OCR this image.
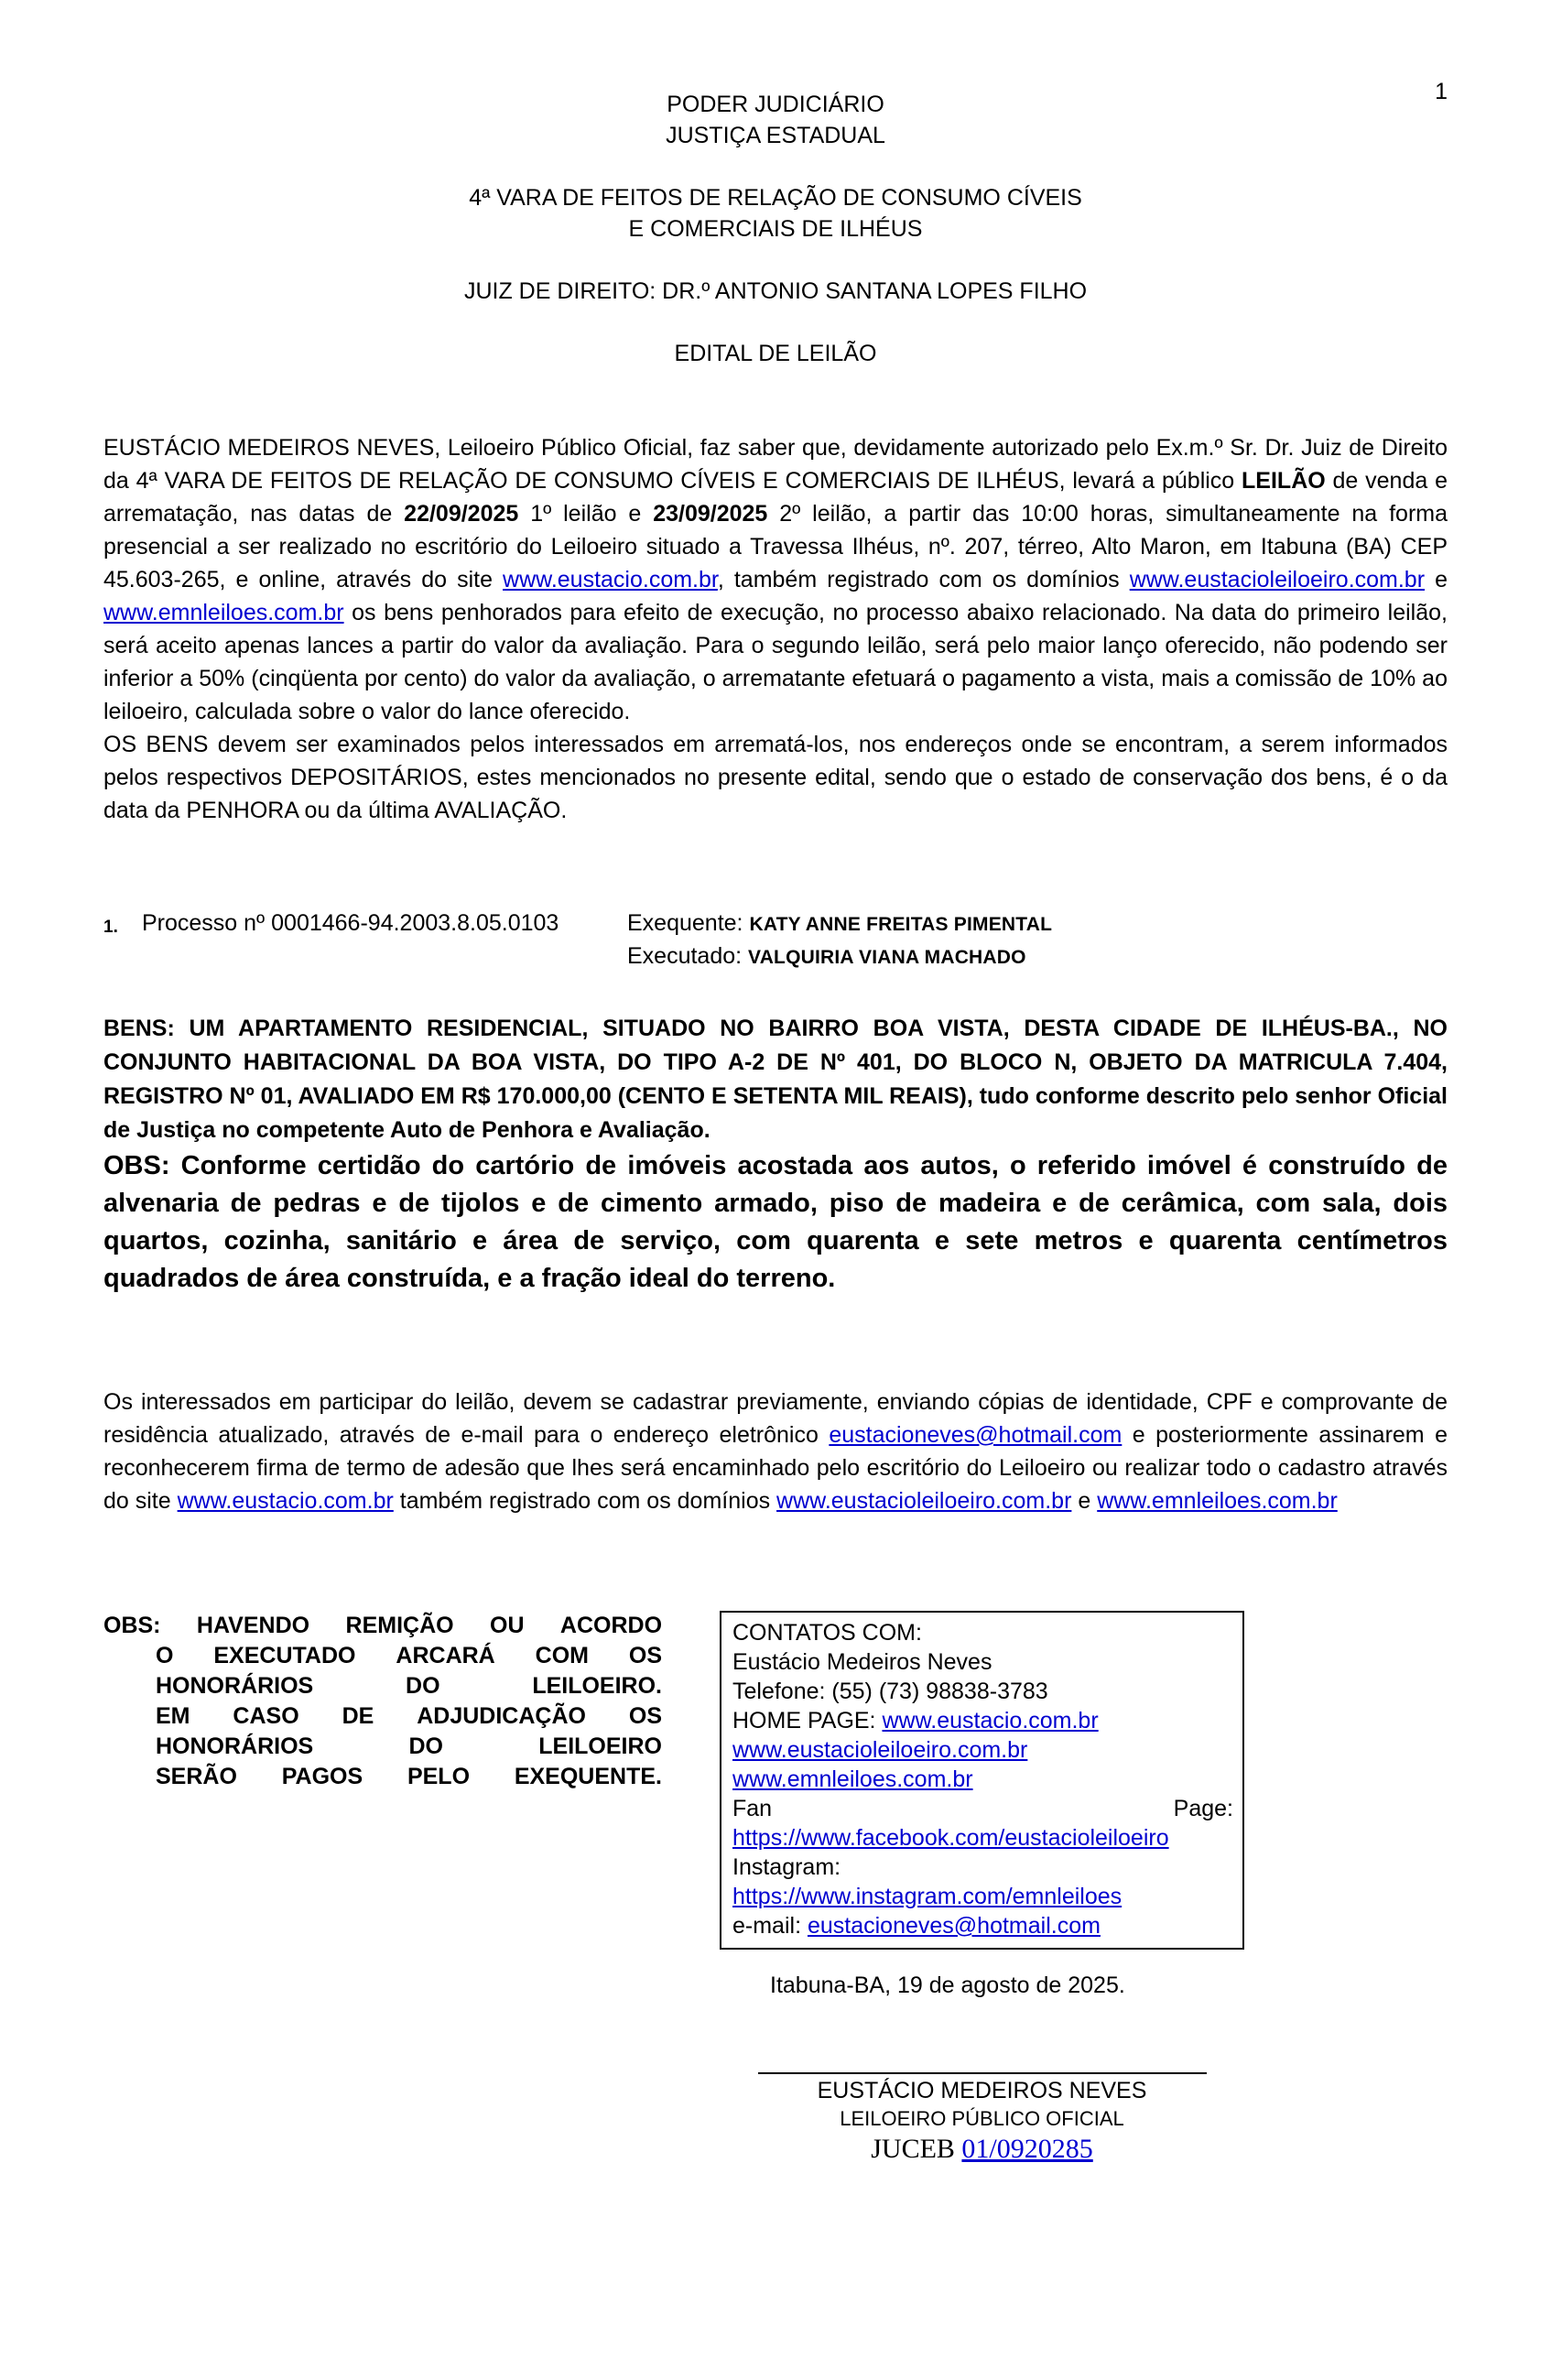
1
PODER JUDICIÁRIO
JUSTIÇA ESTADUAL
4ª VARA DE FEITOS DE RELAÇÃO DE CONSUMO CÍVEIS
E COMERCIAIS DE ILHÉUS
JUIZ DE DIREITO: DR.º ANTONIO SANTANA LOPES FILHO
EDITAL DE LEILÃO

EUSTÁCIO MEDEIROS NEVES, Leiloeiro Público Oficial, faz saber que, devidamente autorizado pelo Ex.m.º Sr. Dr. Juiz de Direito da 4ª VARA DE FEITOS DE RELAÇÃO DE CONSUMO CÍVEIS E COMERCIAIS DE ILHÉUS, levará a público LEILÃO de venda e arrematação, nas datas de 22/09/2025 1º leilão e 23/09/2025 2º leilão, a partir das 10:00 horas, simultaneamente na forma presencial a ser realizado no escritório do Leiloeiro situado a Travessa Ilhéus, nº. 207, térreo, Alto Maron, em Itabuna (BA) CEP 45.603-265, e online, através do site www.eustacio.com.br, também registrado com os domínios www.eustacioleiloeiro.com.br e www.emnleiloes.com.br os bens penhorados para efeito de execução, no processo abaixo relacionado. Na data do primeiro leilão, será aceito apenas lances a partir do valor da avaliação. Para o segundo leilão, será pelo maior lanço oferecido, não podendo ser inferior a 50% (cinqüenta por cento) do valor da avaliação, o arrematante efetuará o pagamento a vista, mais a comissão de 10% ao leiloeiro, calculada sobre o valor do lance oferecido.

OS BENS devem ser examinados pelos interessados em arrematá-los, nos endereços onde se encontram, a serem informados pelos respectivos DEPOSITÁRIOS, estes mencionados no presente edital, sendo que o estado de conservação dos bens, é o da data da PENHORA ou da última AVALIAÇÃO.

1.	Processo nº 0001466-94.2003.8.05.0103	Exequente: KATY ANNE FREITAS PIMENTAL
Executado: VALQUIRIA VIANA MACHADO

BENS: UM APARTAMENTO RESIDENCIAL, SITUADO NO BAIRRO BOA VISTA, DESTA CIDADE DE ILHÉUS-BA., NO CONJUNTO HABITACIONAL DA BOA VISTA, DO TIPO A-2 DE Nº 401, DO BLOCO N, OBJETO DA MATRICULA 7.404, REGISTRO Nº 01, AVALIADO EM R$ 170.000,00 (CENTO E SETENTA MIL REAIS), tudo conforme descrito pelo senhor Oficial de Justiça no competente Auto de Penhora e Avaliação.

OBS: Conforme certidão do cartório de imóveis acostada aos autos, o referido imóvel é construído de alvenaria de pedras e de tijolos e de cimento armado, piso de madeira e de cerâmica, com sala, dois quartos, cozinha, sanitário e área de serviço, com quarenta e sete metros e quarenta centímetros quadrados de área construída, e a fração ideal do terreno.

Os interessados em participar do leilão, devem se cadastrar previamente, enviando cópias de identidade, CPF e comprovante de residência atualizado, através de e-mail para o endereço eletrônico eustacioneves@hotmail.com e posteriormente assinarem e reconhecerem firma de termo de adesão que lhes será encaminhado pelo escritório do Leiloeiro ou realizar todo o cadastro através do site www.eustacio.com.br também registrado com os domínios www.eustacioleiloeiro.com.br e www.emnleiloes.com.br

OBS: HAVENDO REMIÇÃO OU ACORDO
O EXECUTADO ARCARÁ COM OS
HONORÁRIOS	DO	LEILOEIRO.
EM CASO DE ADJUDICAÇÃO OS
HONORÁRIOS	DO	LEILOEIRO
SERÃO PAGOS PELO EXEQUENTE.
CONTATOS COM:
Eustácio Medeiros Neves
Telefone: (55) (73) 98838-3783
HOME PAGE: www.eustacio.com.br
www.eustacioleiloeiro.com.br
www.emnleiloes.com.br
Fan	Page:
https://www.facebook.com/eustacioleiloeiro
Instagram:
https://www.instagram.com/emnleiloes
e-mail: eustacioneves@hotmail.com
Itabuna-BA, 19 de agosto de 2025.
EUSTÁCIO MEDEIROS NEVES
LEILOEIRO PÚBLICO OFICIAL
JUCEB 01/0920285
